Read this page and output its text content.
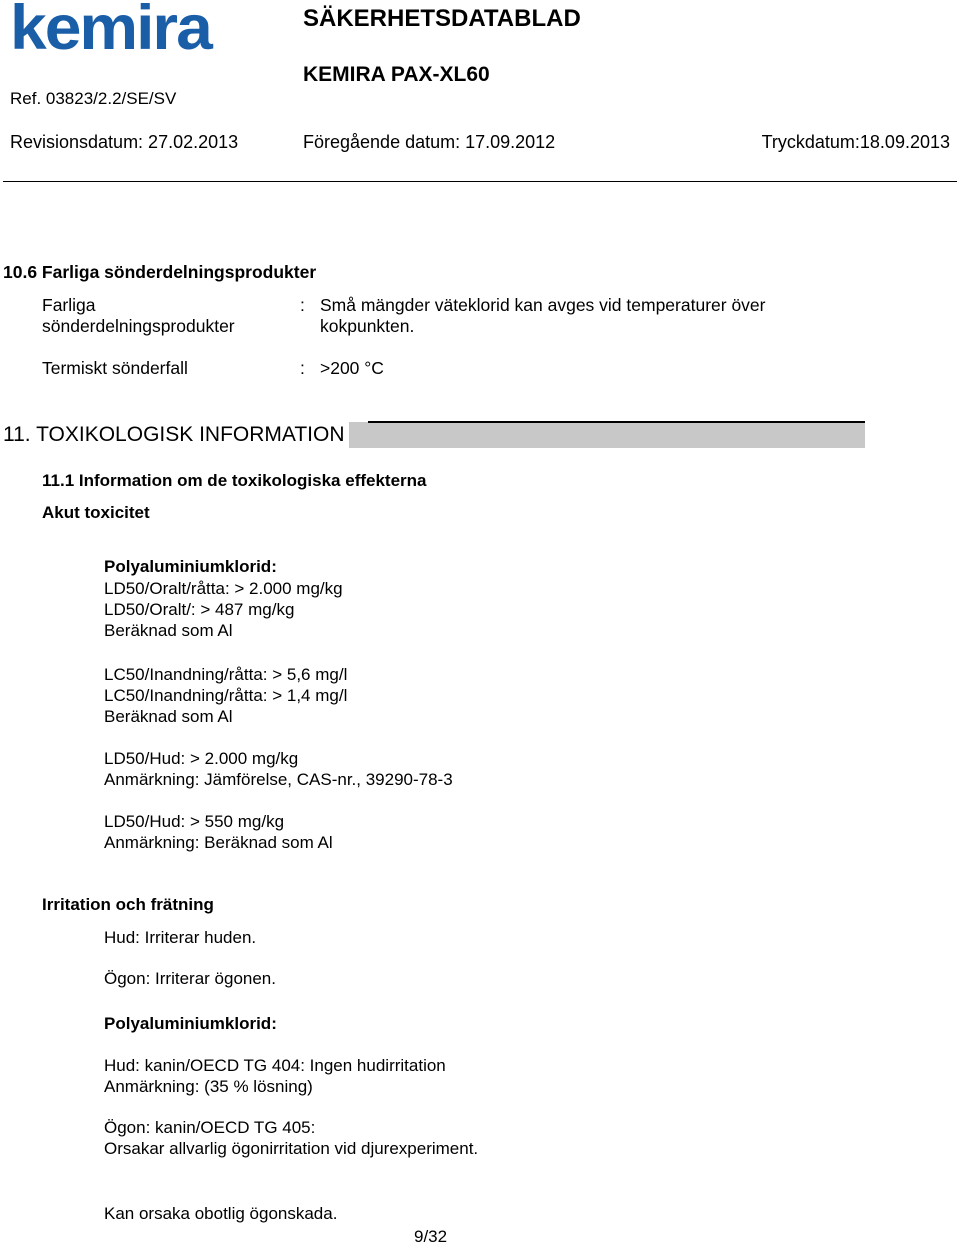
kemira	SÄKERHETSDATABLAD
KEMIRA PAX-XL60
Ref. 03823/2.2/SE/SV
Revisionsdatum: 27.02.2013	Föregående datum: 17.09.2012	Tryckdatum:18.09.2013
10.6 Farliga sönderdelningsprodukter
Farliga
sönderdelningsprodukter
: Små mängder väteklorid kan avges vid temperaturer över
kokpunkten.
Termiskt sönderfall	: >200 °C
11. TOXIKOLOGISK INFORMATION
11.1 Information om de toxikologiska effekterna
Akut toxicitet
Polyaluminiumklorid:
LD50/Oralt/råtta: > 2.000 mg/kg
LD50/Oralt/: > 487 mg/kg
Beräknad som Al
LC50/Inandning/råtta: > 5,6 mg/l
LC50/Inandning/råtta: > 1,4 mg/l
Beräknad som Al
LD50/Hud: > 2.000 mg/kg
Anmärkning: Jämförelse, CAS-nr., 39290-78-3
LD50/Hud: > 550 mg/kg
Anmärkning: Beräknad som Al
Irritation och frätning
Hud: Irriterar huden.
Ögon: Irriterar ögonen.
Polyaluminiumklorid:
Hud: kanin/OECD TG 404: Ingen hudirritation
Anmärkning: (35 % lösning)
Ögon: kanin/OECD TG 405:
Orsakar allvarlig ögonirritation vid djurexperiment.
Kan orsaka obotlig ögonskada.
9/32
